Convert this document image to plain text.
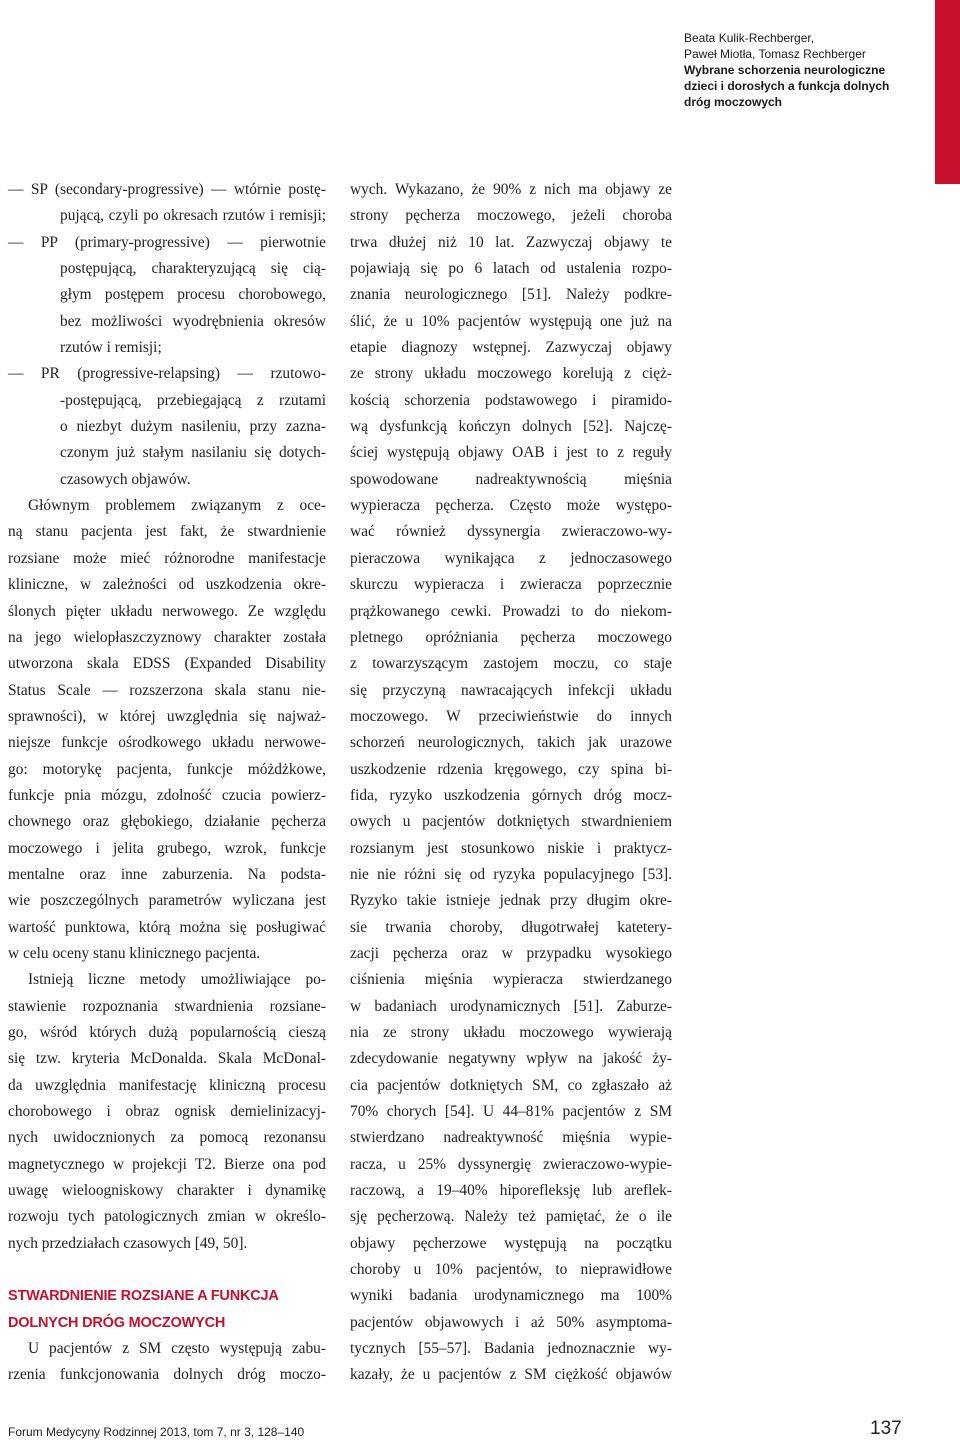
Beata Kulik-Rechberger,
Paweł Miotła, Tomasz Rechberger
Wybrane schorzenia neurologiczne
dzieci i dorosłych a funkcja dolnych
dróg moczowych
— SP (secondary-progressive) — wtórnie postę-
pującą, czyli po okresach rzutów i remisji;
— PP (primary-progressive) — pierwotnie
postępującą, charakteryzującą się cią-
głym postępem procesu chorobowego,
bez możliwości wyodrębnienia okresów
rzutów i remisji;
— PR (progressive-relapsing) — rzutowo-
-postępującą, przebiegającą z rzutami
o niezbyt dużym nasileniu, przy zazna-
czonym już stałym nasilaniu się dotych-
czasowych objawów.
Głównym problemem związanym z oce-
ną stanu pacjenta jest fakt, że stwardnienie
rozsiane może mieć różnorodne manifestacje
kliniczne, w zależności od uszkodzenia okre-
ślonych pięter układu nerwowego. Ze względu
na jego wielopłaszczyznowy charakter została
utworzona skala EDSS (Expanded Disability
Status Scale — rozszerzona skala stanu nie-
sprawności), w której uwzględnia się najważ-
niejsze funkcje ośrodkowego układu nerwowe-
go: motorykę pacjenta, funkcje móżdżkowe,
funkcje pnia mózgu, zdolność czucia powierz-
chownego oraz głębokiego, działanie pęcherza
moczowego i jelita grubego, wzrok, funkcje
mentalne oraz inne zaburzenia. Na podsta-
wie poszczególnych parametrów wyliczana jest
wartość punktowa, którą można się posługiwać
w celu oceny stanu klinicznego pacjenta.
Istnieją liczne metody umożliwiające po-
stawienie rozpoznania stwardnienia rozsiane-
go, wśród których dużą popularnością cieszą
się tzw. kryteria McDonalda. Skala McDonal-
da uwzględnia manifestację kliniczną procesu
chorobowego i obraz ognisk demielinizacyj-
nych uwidocznionych za pomocą rezonansu
magnetycznego w projekcji T2. Bierze ona pod
uwagę wieloogniskowy charakter i dynamikę
rozwoju tych patologicznych zmian w określo-
nych przedziałach czasowych [49, 50].
STWARDNIENIE ROZSIANE A FUNKCJA
DOLNYCH DRÓG MOCZOWYCH
U pacjentów z SM często występują zabu-
rzenia funkcjonowania dolnych dróg moczo-
wych. Wykazano, że 90% z nich ma objawy ze
strony pęcherza moczowego, jeżeli choroba
trwa dłużej niż 10 lat. Zazwyczaj objawy te
pojawiają się po 6 latach od ustalenia rozpo-
znania neurologicznego [51]. Należy podkre-
ślić, że u 10% pacjentów występują one już na
etapie diagnozy wstępnej. Zazwyczaj objawy
ze strony układu moczowego korelują z cięż-
kością schorzenia podstawowego i piramido-
wą dysfunkcją kończyn dolnych [52]. Najczę-
ściej występują objawy OAB i jest to z reguły
spowodowane nadreaktywnością mięśnia
wypieracza pęcherza. Często może występo-
wać również dyssynergia zwieraczowo-wy-
pieraczowa wynikająca z jednoczasowego
skurczu wypieracza i zwieracza poprzecznie
prążkowanego cewki. Prowadzi to do niekom-
pletnego opróżniania pęcherza moczowego
z towarzyszącym zastojem moczu, co staje
się przyczyną nawracających infekcji układu
moczowego. W przeciwieństwie do innych
schorzeń neurologicznych, takich jak urazowe
uszkodzenie rdzenia kręgowego, czy spina bi-
fida, ryzyko uszkodzenia górnych dróg mocz-
owych u pacjentów dotkniętych stwardnieniem
rozsianym jest stosunkowo niskie i praktycz-
nie nie różni się od ryzyka populacyjnego [53].
Ryzyko takie istnieje jednak przy długim okre-
sie trwania choroby, długotrwałej katetery-
zacji pęcherza oraz w przypadku wysokiego
ciśnienia mięśnia wypieracza stwierdzanego
w badaniach urodynamicznych [51]. Zaburze-
nia ze strony układu moczowego wywierają
zdecydowanie negatywny wpływ na jakość ży-
cia pacjentów dotkniętych SM, co zgłaszało aż
70% chorych [54]. U 44–81% pacjentów z SM
stwierdzano nadreaktywność mięśnia wypie-
racza, u 25% dyssynergię zwieraczowo-wypie-
raczową, a 19–40% hiporefleksję lub areflek-
sję pęcherzową. Należy też pamiętać, że o ile
objawy pęcherzowe występują na początku
choroby u 10% pacjentów, to nieprawidłowe
wyniki badania urodynamicznego ma 100%
pacjentów objawowych i aż 50% asymptoma-
tycznych [55–57]. Badania jednoznacznie wy-
kazały, że u pacjentów z SM ciężkość objawów
Forum Medycyny Rodzinnej 2013, tom 7, nr 3, 128–140	137
